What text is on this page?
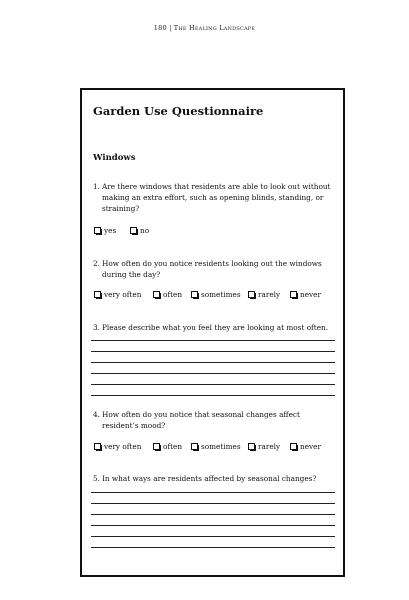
180 | The Healing Landscape
Garden Use Questionnaire
Windows
1. Are there windows that residents are able to look out without making an extra effort, such as opening blinds, standing, or straining?
yes	no
2. How often do you notice residents looking out the windows during the day?
very often	often	sometimes rarely	never
3. Please describe what you feel they are looking at most often.
4. How often do you notice that seasonal changes affect resident’s mood?
very often	often	sometimes rarely	never
5. In what ways are residents affected by seasonal changes?
